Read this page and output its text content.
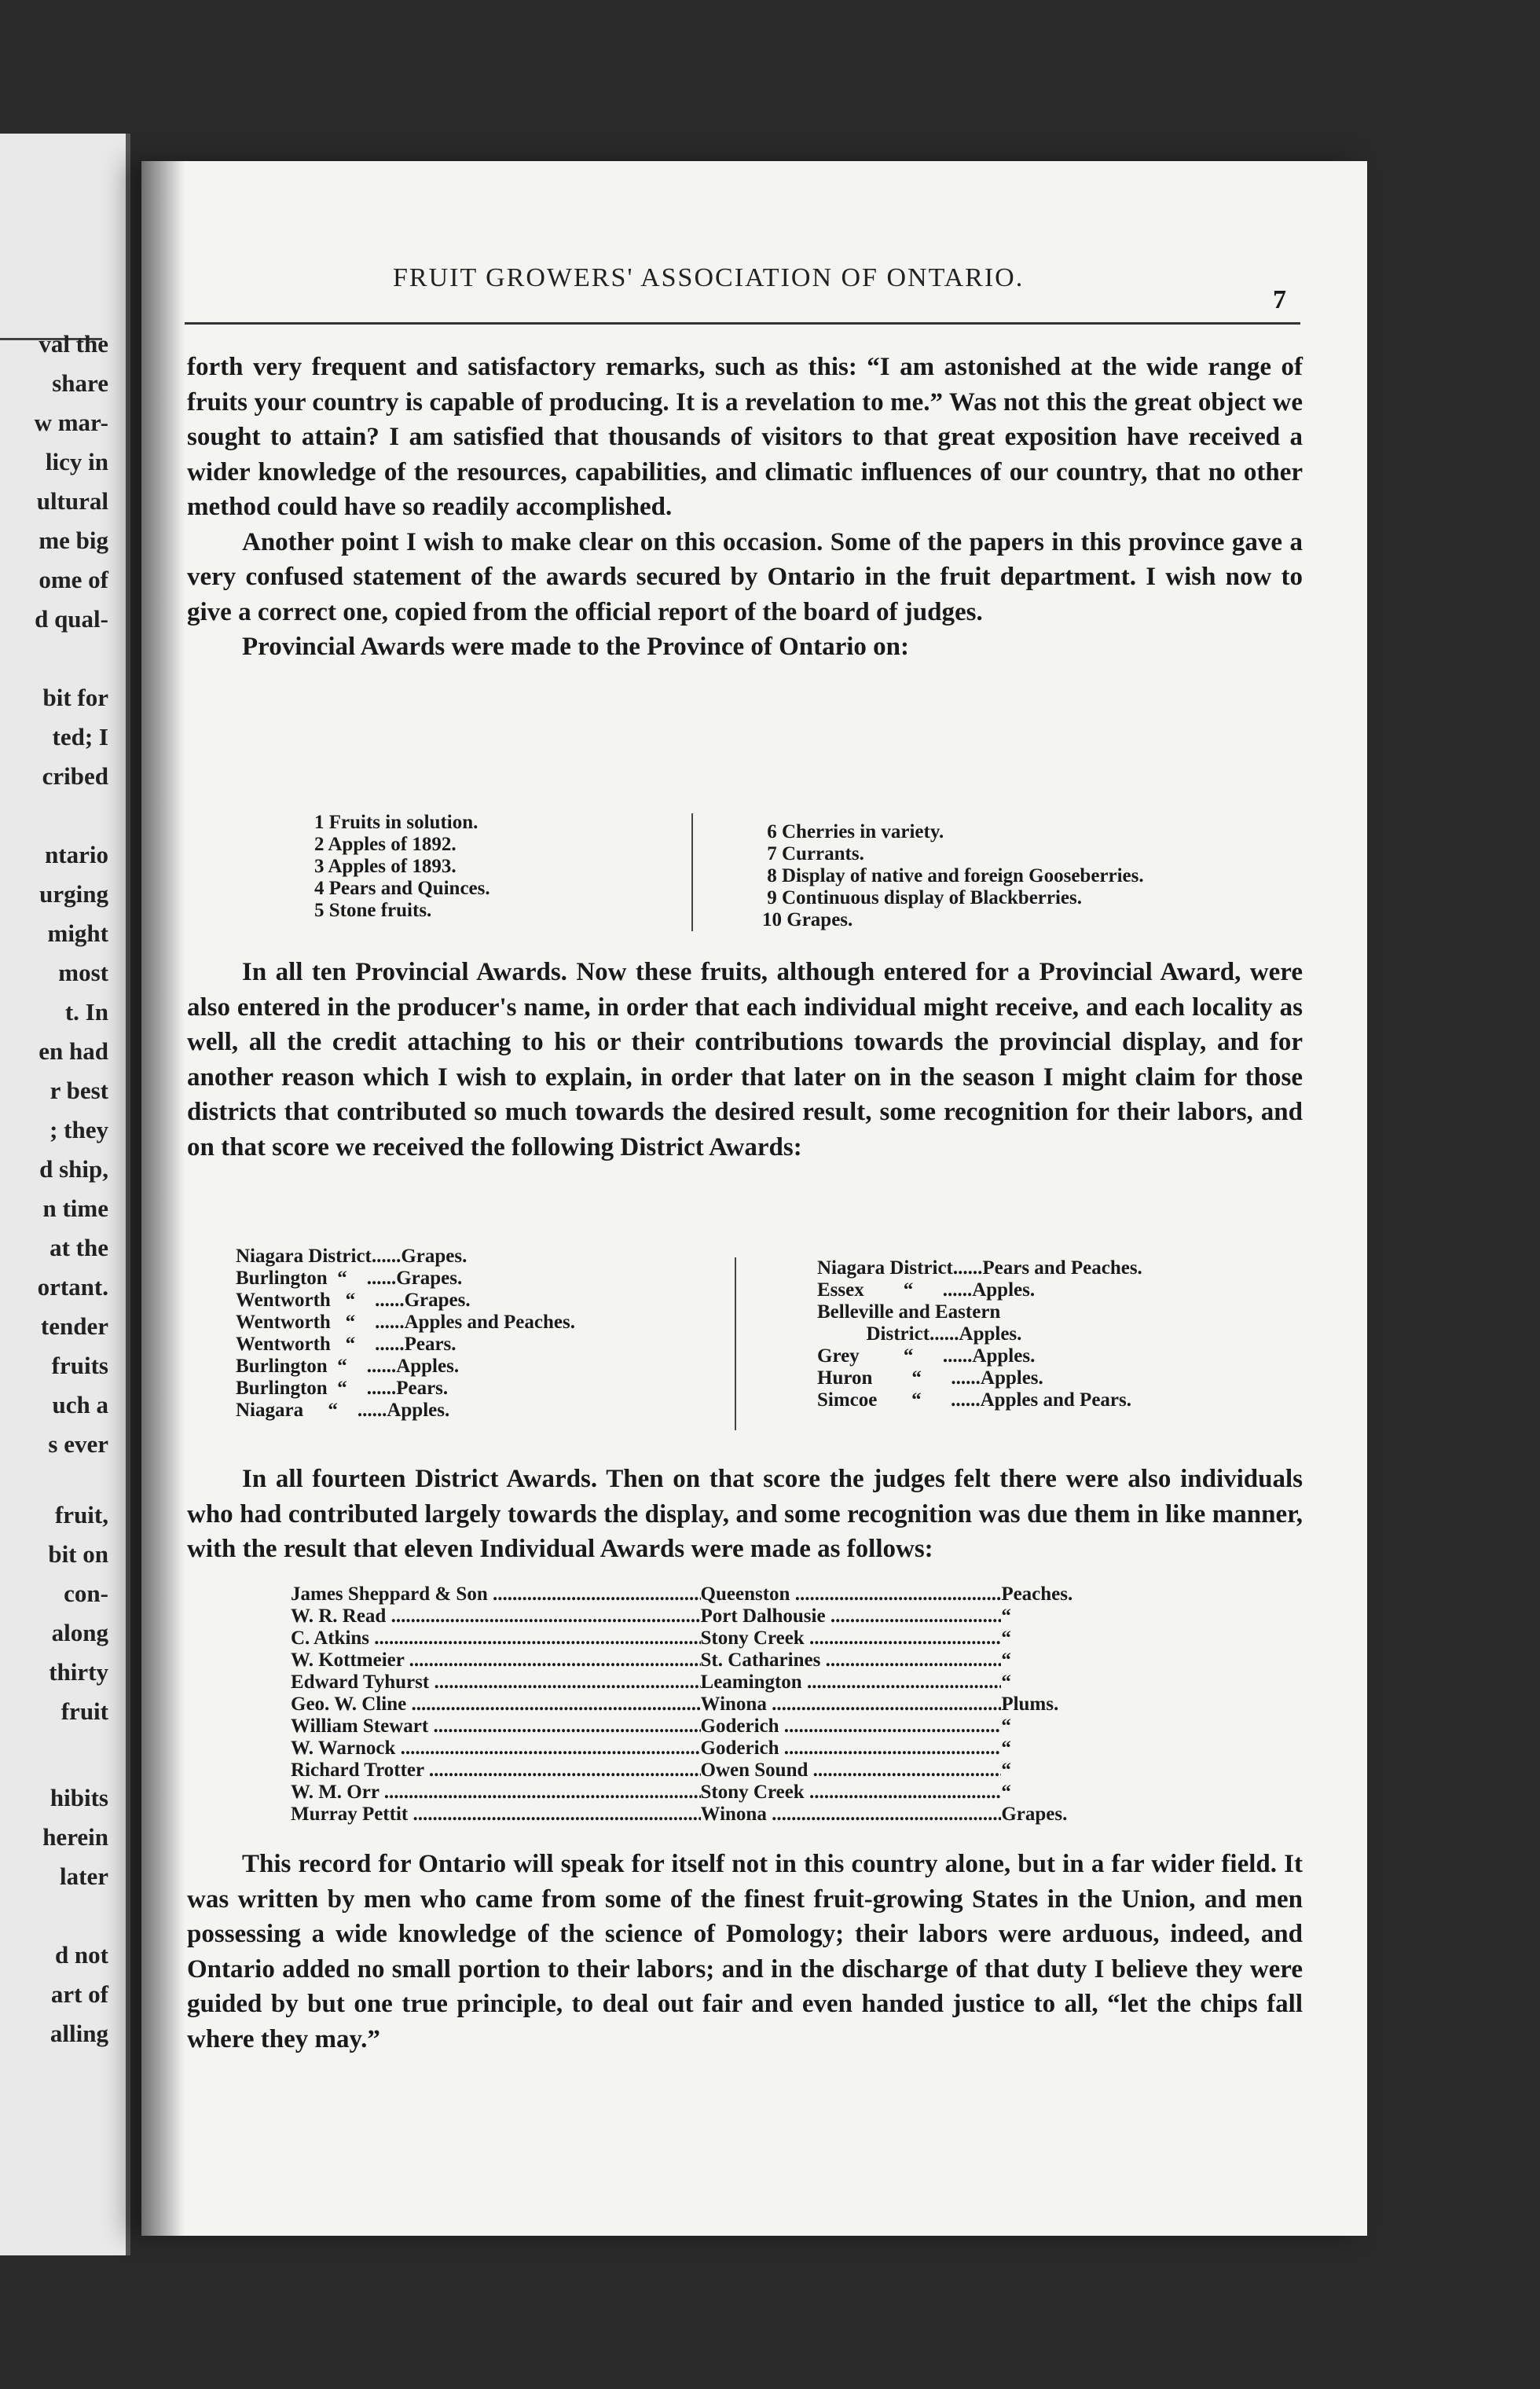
val the
share
w mar-
licy in
ultural
me big
ome of
d qual-
bit for
ted; I
cribed
ntario
urging
might
most
t. In
en had
r best
; they
d ship,
n time
at the
ortant.
tender
fruits
uch a
s ever
fruit,
bit on
con-
along
thirty
fruit
hibits
herein
later
d not
art of
alling
FRUIT GROWERS' ASSOCIATION OF ONTARIO.
7

forth very frequent and satisfactory remarks, such as this: “I am astonished at the wide range of fruits your country is capable of producing. It is a revelation to me.” Was not this the great object we sought to attain? I am satisfied that thousands of visitors to that great exposition have received a wider knowledge of the resources, capabilities, and climatic influences of our country, that no other method could have so readily accomplished.

Another point I wish to make clear on this occasion. Some of the papers in this province gave a very confused statement of the awards secured by Ontario in the fruit department. I wish now to give a correct one, copied from the official report of the board of judges.

Provincial Awards were made to the Province of Ontario on:

1 Fruits in solution.
2 Apples of 1892.
3 Apples of 1893.
4 Pears and Quinces.
5 Stone fruits.
6 Cherries in variety.
7 Currants.
8 Display of native and foreign Gooseberries.
9 Continuous display of Blackberries.
10 Grapes.

In all ten Provincial Awards. Now these fruits, although entered for a Provincial Award, were also entered in the producer's name, in order that each individual might receive, and each locality as well, all the credit attaching to his or their contributions towards the provincial display, and for another reason which I wish to explain, in order that later on in the season I might claim for those districts that contributed so much towards the desired result, some recognition for their labors, and on that score we received the following District Awards:

Niagara District......Grapes.
Burlington  “    ......Grapes.
Wentworth   “    ......Grapes.
Wentworth   “    ......Apples and Peaches.
Wentworth   “    ......Pears.
Burlington  “    ......Apples.
Burlington  “    ......Pears.
Niagara     “    ......Apples.
Niagara District......Pears and Peaches.
Essex        “      ......Apples.
Belleville and Eastern
District......Apples.
Grey         “      ......Apples.
Huron        “      ......Apples.
Simcoe       “      ......Apples and Pears.

In all fourteen District Awards. Then on that score the judges felt there were also individuals who had contributed largely towards the display, and some recognition was due them in like manner, with the result that eleven Individual Awards were made as follows:

James Sheppard & Son .....	Queenston .....	Peaches.
W. R. Read .....	Port Dalhousie .....	“
C. Atkins .....	Stony Creek .....	“
W. Kottmeier .....	St. Catharines .....	“
Edward Tyhurst .....	Leamington .....	“
Geo. W. Cline .....	Winona .....	Plums.
William Stewart .....	Goderich .....	“
W. Warnock .....	Goderich .....	“
Richard Trotter .....	Owen Sound .....	“
W. M. Orr .....	Stony Creek .....	“
Murray Pettit .....	Winona .....	Grapes.

This record for Ontario will speak for itself not in this country alone, but in a far wider field. It was written by men who came from some of the finest fruit-growing States in the Union, and men possessing a wide knowledge of the science of Pomology; their labors were arduous, indeed, and Ontario added no small portion to their labors; and in the discharge of that duty I believe they were guided by but one true principle, to deal out fair and even handed justice to all, “let the chips fall where they may.”
